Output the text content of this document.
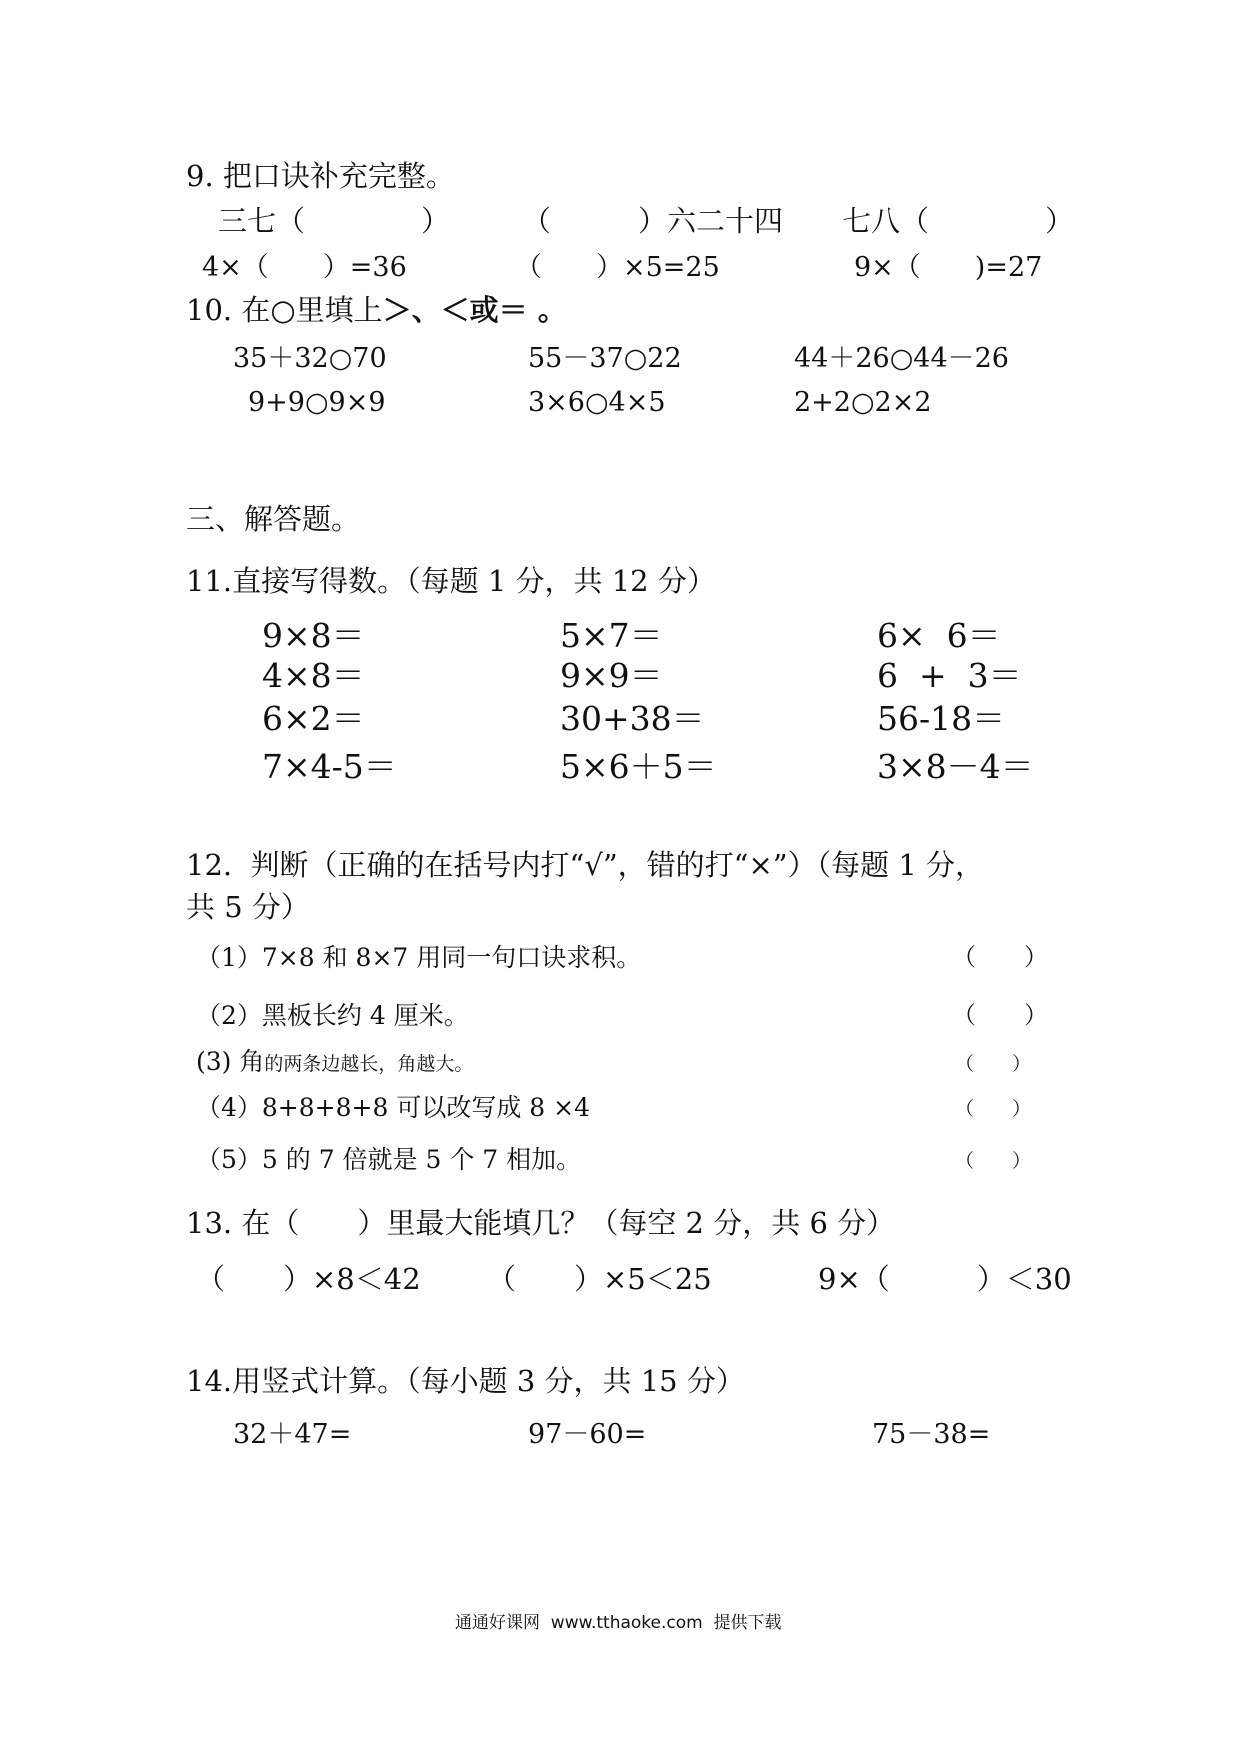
9. 把口诀补充完整。
三七（　　　　） （　　　）六二十四 七八（　　　　）
4×（　　）=36	（　　）×5=25	9×（　　)=27
10. 在○里填上＞、＜或＝ 。
35＋32○70	55－37○22	44＋26○44－26
9+9○9×9	3×6○4×5	2+2○2×2
三、解答题。
11.直接写得数。（每题 1 分，共 12 分）
9×8＝	5×7＝	6×  6＝
4×8＝	9×9＝	6  +  3＝
6×2＝	30+38＝	56-18＝
7×4-5＝	5×6＋5＝	3×8－4＝
12.  判断（正确的在括号内打“√”，错的打“×”）（每题 1 分，
共 5 分）
（1）7×8 和 8×7 用同一句口诀求积。	（　　）
（2）黑板长约 4 厘米。	（　　）
(3) 角的两条边越长，角越大。	（　　）
（4）8+8+8+8 可以改写成 8 ×4	（　　）
（5）5 的 7 倍就是 5 个 7 相加。	（　　）
13. 在（　　）里最大能填几？（每空 2 分，共 6 分）
（　　）×8＜42 （　　）×5＜25	9×（　　　）＜30
14.用竖式计算。（每小题 3 分，共 15 分）
32＋47=	97－60=	75－38=
通通好课网  www.tthaoke.com  提供下载
